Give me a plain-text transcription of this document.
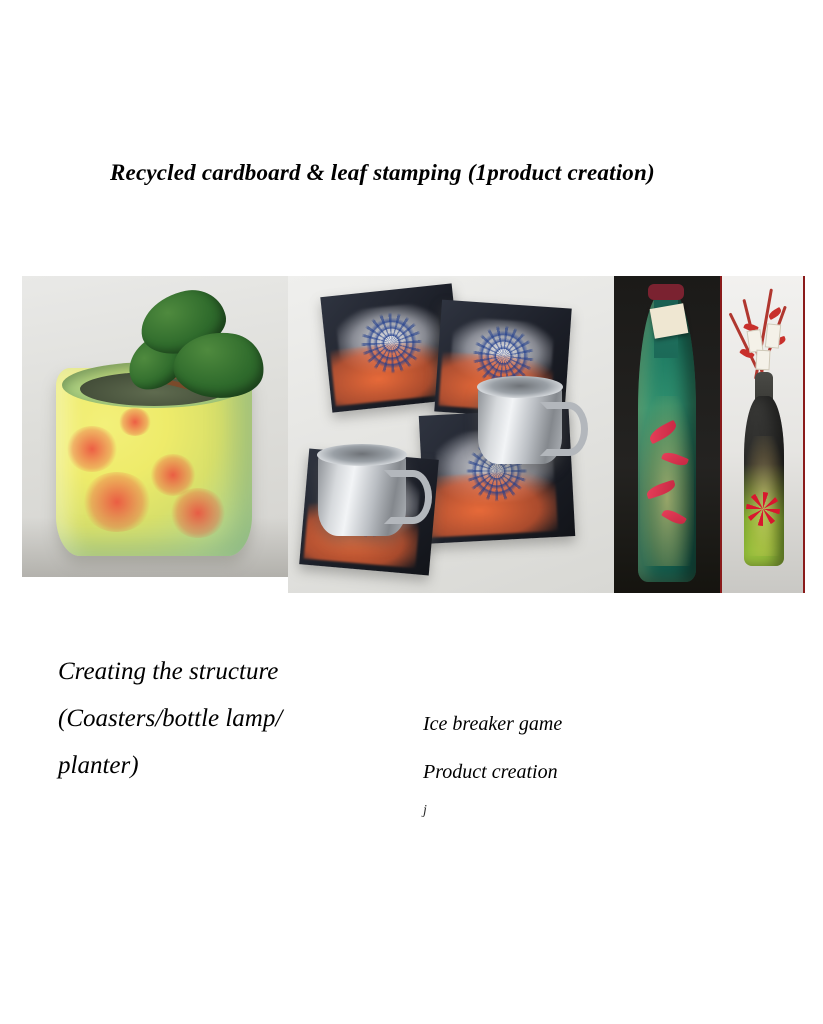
Recycled cardboard & leaf stamping (1product creation)
Creating the structure
(Coasters/bottle lamp/
planter)
Ice breaker game
Product creation
j
